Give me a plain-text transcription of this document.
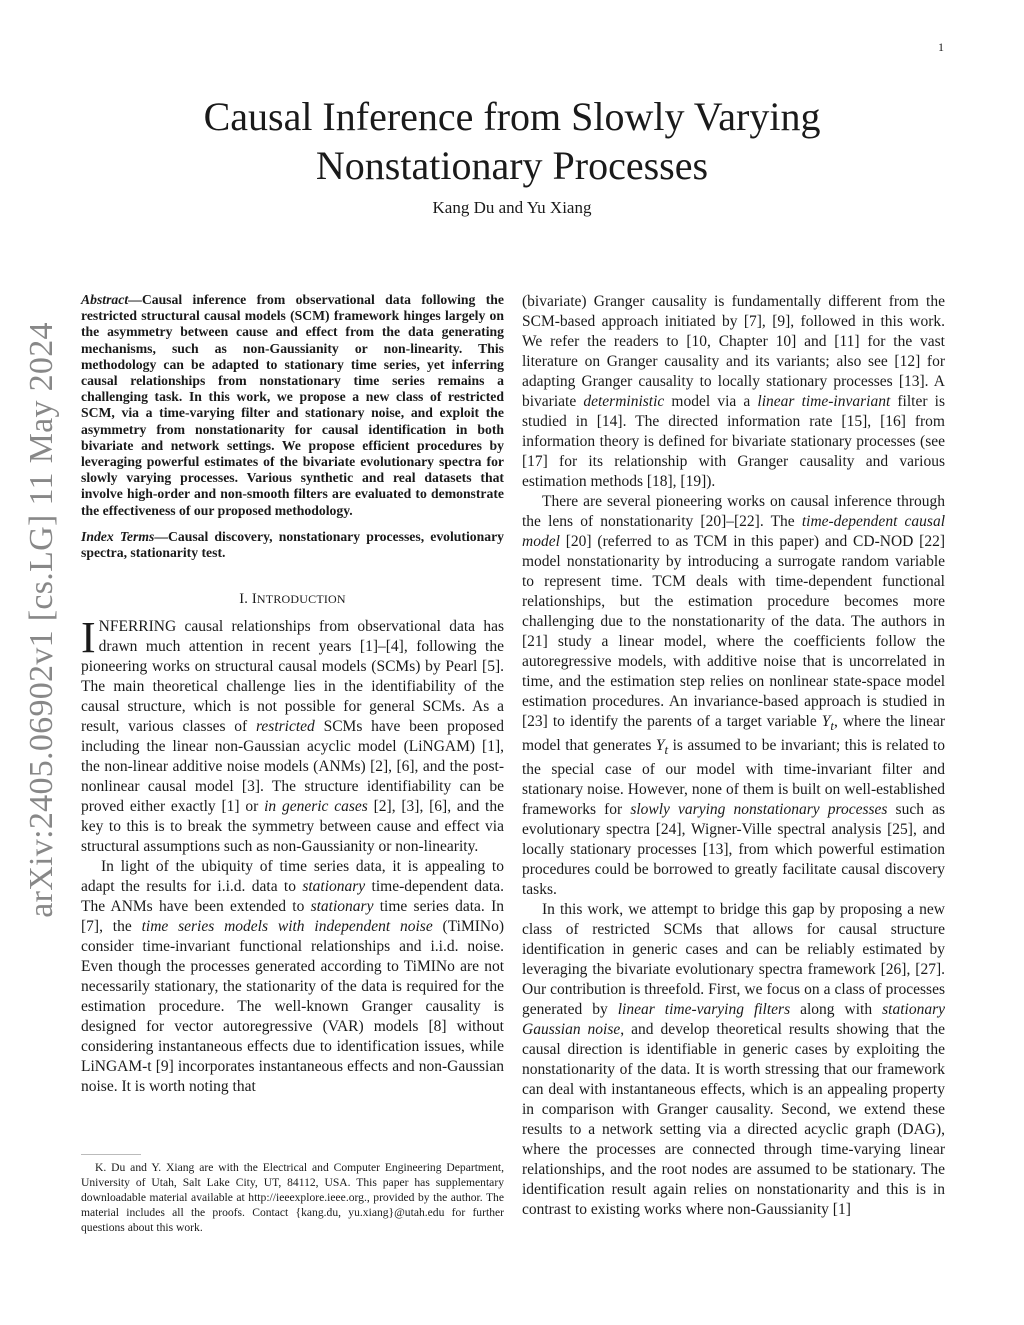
1
arXiv:2405.06902v1 [cs.LG] 11 May 2024
Causal Inference from Slowly Varying
Nonstationary Processes
Kang Du and Yu Xiang

Abstract—Causal inference from observational data following the restricted structural causal models (SCM) framework hinges largely on the asymmetry between cause and effect from the data generating mechanisms, such as non-Gaussianity or non-linearity. This methodology can be adapted to stationary time series, yet inferring causal relationships from nonstationary time series remains a challenging task. In this work, we propose a new class of restricted SCM, via a time-varying filter and stationary noise, and exploit the asymmetry from nonstationarity for causal identification in both bivariate and network settings. We propose efficient procedures by leveraging powerful estimates of the bivariate evolutionary spectra for slowly varying processes. Various synthetic and real datasets that involve high-order and non-smooth filters are evaluated to demonstrate the effectiveness of our proposed methodology.

Index Terms—Causal discovery, nonstationary processes, evolutionary spectra, stationarity test.

I. INTRODUCTION

INFERRING causal relationships from observational data has drawn much attention in recent years [1]–[4], following the pioneering works on structural causal models (SCMs) by Pearl [5]. The main theoretical challenge lies in the identifiability of the causal structure, which is not possible for general SCMs. As a result, various classes of restricted SCMs have been proposed including the linear non-Gaussian acyclic model (LiNGAM) [1], the non-linear additive noise models (ANMs) [2], [6], and the post-nonlinear causal model [3]. The structure identifiability can be proved either exactly [1] or in generic cases [2], [3], [6], and the key to this is to break the symmetry between cause and effect via structural assumptions such as non-Gaussianity or non-linearity.

In light of the ubiquity of time series data, it is appealing to adapt the results for i.i.d. data to stationary time-dependent data. The ANMs have been extended to stationary time series data. In [7], the time series models with independent noise (TiMINo) consider time-invariant functional relationships and i.i.d. noise. Even though the processes generated according to TiMINo are not necessarily stationary, the stationarity of the data is required for the estimation procedure. The well-known Granger causality is designed for vector autoregressive (VAR) models [8] without considering instantaneous effects due to identification issues, while LiNGAM-t [9] incorporates instantaneous effects and non-Gaussian noise. It is worth noting that

(bivariate) Granger causality is fundamentally different from the SCM-based approach initiated by [7], [9], followed in this work. We refer the readers to [10, Chapter 10] and [11] for the vast literature on Granger causality and its variants; also see [12] for adapting Granger causality to locally stationary processes [13]. A bivariate deterministic model via a linear time-invariant filter is studied in [14]. The directed information rate [15], [16] from information theory is defined for bivariate stationary processes (see [17] for its relationship with Granger causality and various estimation methods [18], [19]).

There are several pioneering works on causal inference through the lens of nonstationarity [20]–[22]. The time-dependent causal model [20] (referred to as TCM in this paper) and CD-NOD [22] model nonstationarity by introducing a surrogate random variable to represent time. TCM deals with time-dependent functional relationships, but the estimation procedure becomes more challenging due to the nonstationarity of the data. The authors in [21] study a linear model, where the coefficients follow the autoregressive models, with additive noise that is uncorrelated in time, and the estimation step relies on nonlinear state-space model estimation procedures. An invariance-based approach is studied in [23] to identify the parents of a target variable $Y_t$, where the linear model that generates $Y_t$ is assumed to be invariant; this is related to the special case of our model with time-invariant filter and stationary noise. However, none of them is built on well-established frameworks for slowly varying nonstationary processes such as evolutionary spectra [24], Wigner-Ville spectral analysis [25], and locally stationary processes [13], from which powerful estimation procedures could be borrowed to greatly facilitate causal discovery tasks.

In this work, we attempt to bridge this gap by proposing a new class of restricted SCMs that allows for causal structure identification in generic cases and can be reliably estimated by leveraging the bivariate evolutionary spectra framework [26], [27]. Our contribution is threefold. First, we focus on a class of processes generated by linear time-varying filters along with stationary Gaussian noise, and develop theoretical results showing that the causal direction is identifiable in generic cases by exploiting the nonstationarity of the data. It is worth stressing that our framework can deal with instantaneous effects, which is an appealing property in comparison with Granger causality. Second, we extend these results to a network setting via a directed acyclic graph (DAG), where the processes are connected through time-varying linear relationships, and the root nodes are assumed to be stationary. The identification result again relies on nonstationarity and this is in contrast to existing works where non-Gaussianity [1]

K. Du and Y. Xiang are with the Electrical and Computer Engineering Department, University of Utah, Salt Lake City, UT, 84112, USA. This paper has supplementary downloadable material available at http://ieeexplore.ieee.org., provided by the author. The material includes all the proofs. Contact {kang.du, yu.xiang}@utah.edu for further questions about this work.
